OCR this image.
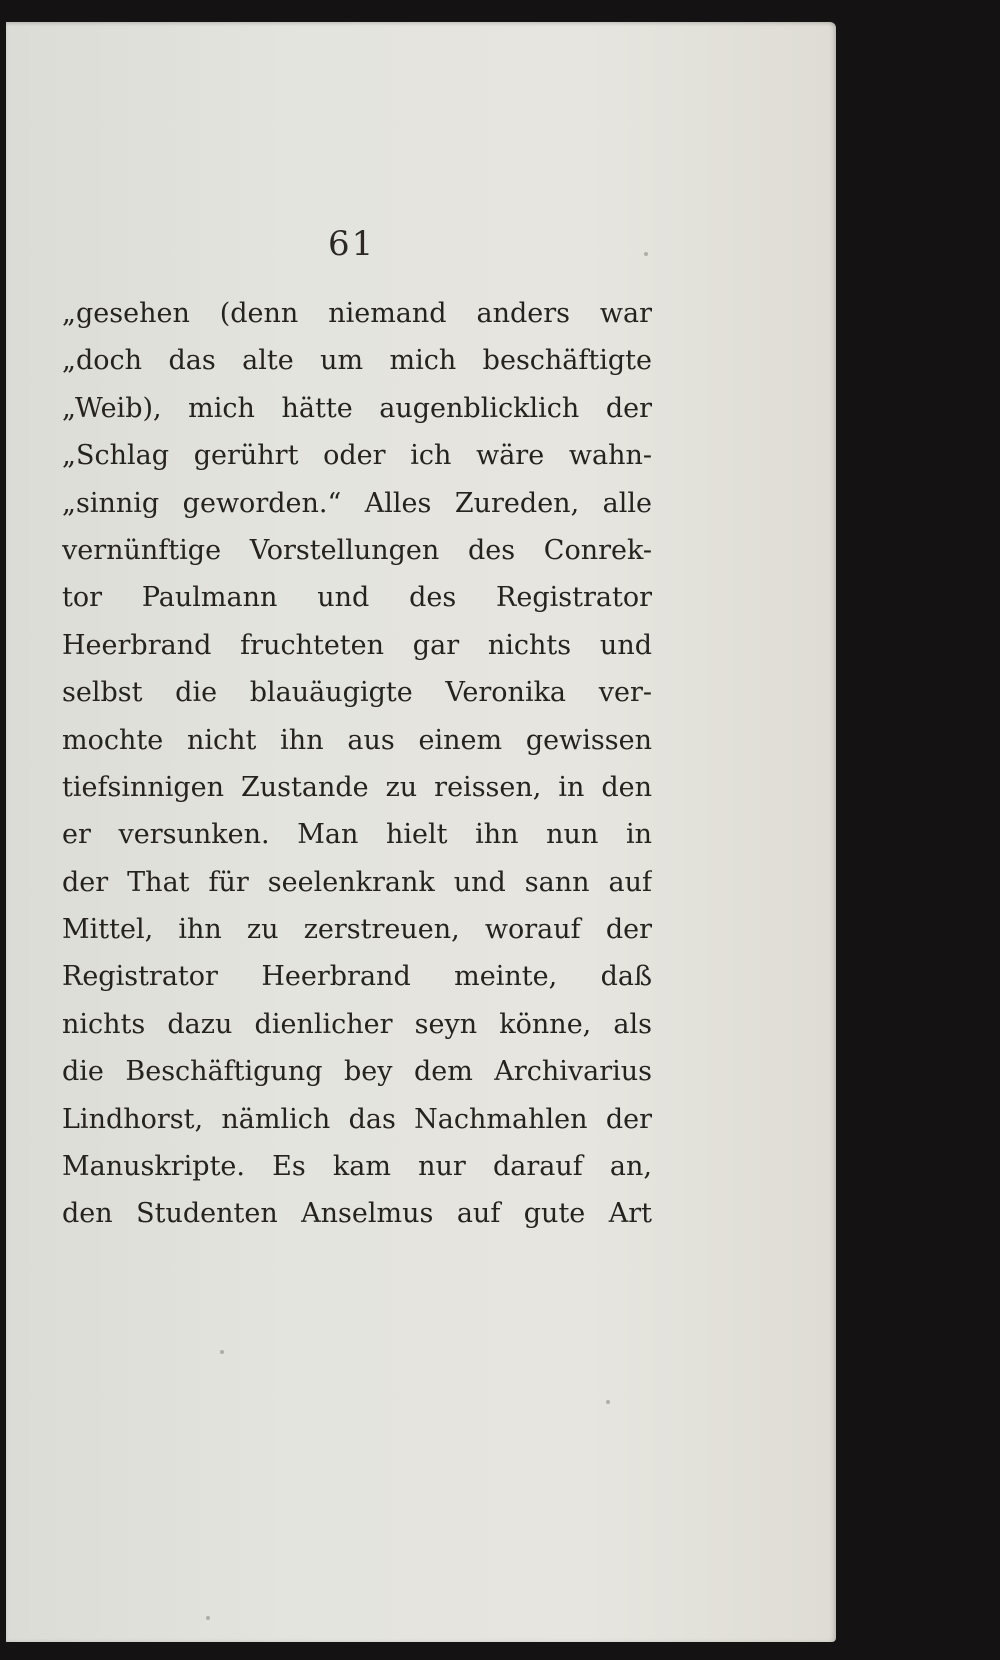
61
„gesehen (denn niemand anders war
„doch das alte um mich beschäftigte
„Weib), mich hätte augenblicklich der
„Schlag gerührt oder ich wäre wahn-
„sinnig geworden.“ Alles Zureden, alle
vernünftige Vorstellungen des Conrek-
tor Paulmann und des Registrator
Heerbrand fruchteten gar nichts und
selbst die blauäugigte Veronika ver-
mochte nicht ihn aus einem gewissen
tiefsinnigen Zustande zu reissen, in den
er versunken. Man hielt ihn nun in
der That für seelenkrank und sann auf
Mittel, ihn zu zerstreuen, worauf der
Registrator Heerbrand meinte, daß
nichts dazu dienlicher seyn könne, als
die Beschäftigung bey dem Archivarius
Lindhorst, nämlich das Nachmahlen der
Manuskripte. Es kam nur darauf an,
den Studenten Anselmus auf gute Art
